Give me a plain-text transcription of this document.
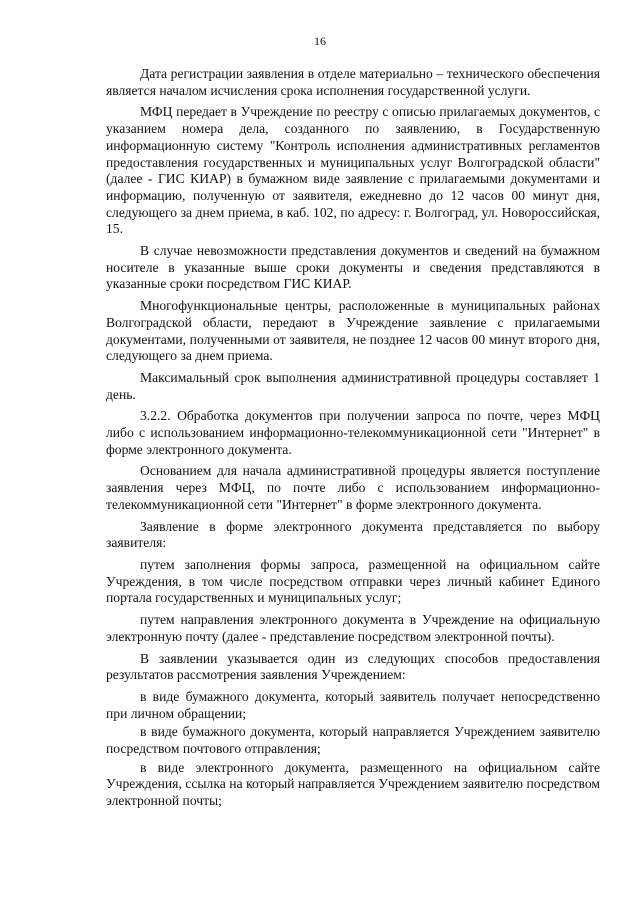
16

Дата регистрации заявления в отделе материально – технического обеспечения является началом исчисления срока исполнения государственной услуги.

МФЦ передает в Учреждение по реестру с описью прилагаемых документов, с указанием номера дела, созданного по заявлению, в Государственную информационную систему "Контроль исполнения административных регламентов предоставления государственных и муниципальных услуг Волгоградской области" (далее - ГИС КИАР) в бумажном виде заявление с прилагаемыми документами и информацию, полученную от заявителя, ежедневно до 12 часов 00 минут дня, следующего за днем приема, в каб. 102, по адресу: г. Волгоград, ул. Новороссийская, 15.

В случае невозможности представления документов и сведений на бумажном носителе в указанные выше сроки документы и сведения представляются в указанные сроки посредством ГИС КИАР.

Многофункциональные центры, расположенные в муниципальных районах Волгоградской области, передают в Учреждение заявление с прилагаемыми документами, полученными от заявителя, не позднее 12 часов 00 минут второго дня, следующего за днем приема.

Максимальный срок выполнения административной процедуры составляет 1 день.

3.2.2. Обработка документов при получении запроса по почте, через МФЦ либо с использованием информационно-телекоммуникационной сети "Интернет" в форме электронного документа.

Основанием для начала административной процедуры является поступление заявления через МФЦ, по почте либо с использованием информационно-телекоммуникационной сети "Интернет" в форме электронного документа.

Заявление в форме электронного документа представляется по выбору заявителя:

путем заполнения формы запроса, размещенной на официальном сайте Учреждения, в том числе посредством отправки через личный кабинет Единого портала государственных и муниципальных услуг;

путем направления электронного документа в Учреждение на официальную электронную почту (далее - представление посредством электронной почты).

В заявлении указывается один из следующих способов предоставления результатов рассмотрения заявления Учреждением:

в виде бумажного документа, который заявитель получает непосредственно при личном обращении;

в виде бумажного документа, который направляется Учреждением заявителю посредством почтового отправления;

в виде электронного документа, размещенного на официальном сайте Учреждения, ссылка на который направляется Учреждением заявителю посредством электронной почты;
